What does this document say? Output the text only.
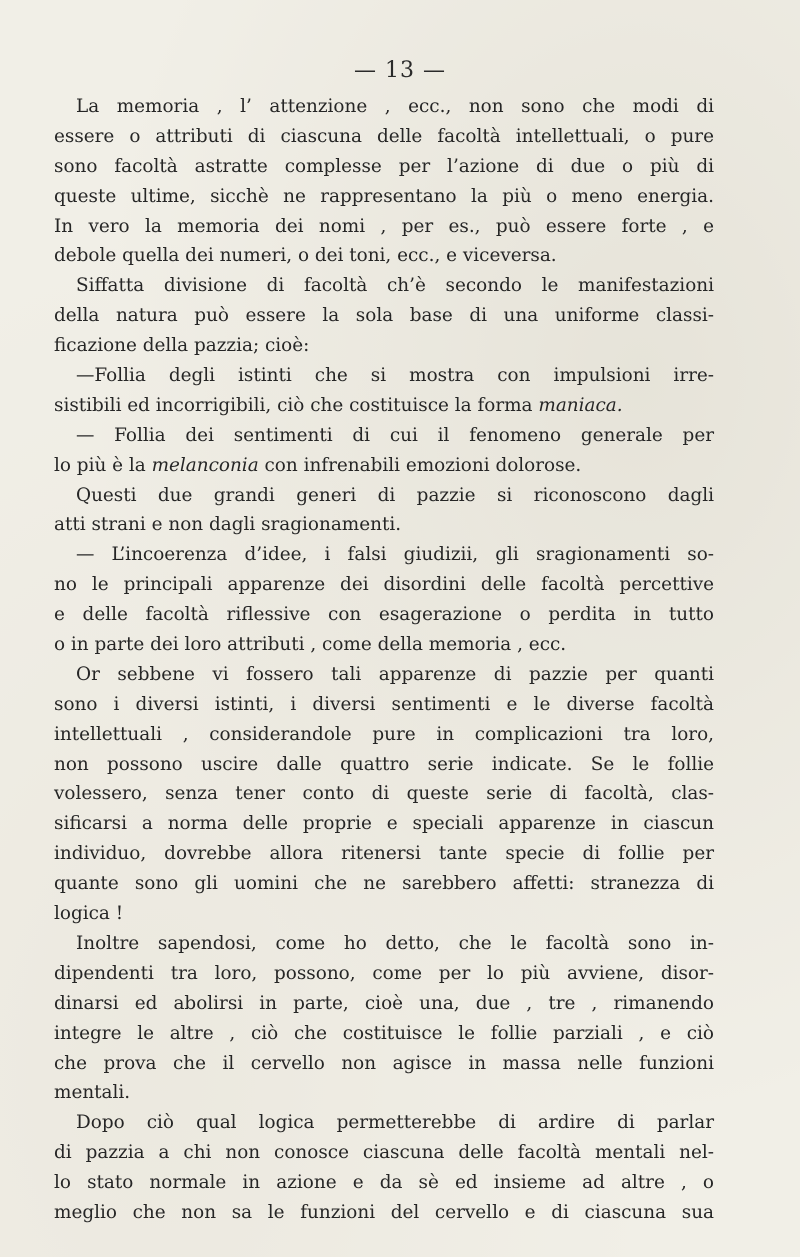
— 13 —
La memoria , l’ attenzione , ecc., non sono che modi di
essere o attributi di ciascuna delle facoltà intellettuali, o pure
sono facoltà astratte complesse per l’azione di due o più di
queste ultime, sicchè ne rappresentano la più o meno energia.
In vero la memoria dei nomi , per es., può essere forte , e
debole quella dei numeri, o dei toni, ecc., e viceversa.
Siffatta divisione di facoltà ch’è secondo le manifestazioni
della natura può essere la sola base di una uniforme classi-
ficazione della pazzia; cioè:
—Follia degli istinti che si mostra con impulsioni irre-
sistibili ed incorrigibili, ciò che costituisce la forma maniaca.
— Follia dei sentimenti di cui il fenomeno generale per
lo più è la melanconia con infrenabili emozioni dolorose.
Questi due grandi generi di pazzie si riconoscono dagli
atti strani e non dagli sragionamenti.
— L’incoerenza d’idee, i falsi giudizii, gli sragionamenti so-
no le principali apparenze dei disordini delle facoltà percettive
e delle facoltà riflessive con esagerazione o perdita in tutto
o in parte dei loro attributi , come della memoria , ecc.
Or sebbene vi fossero tali apparenze di pazzie per quanti
sono i diversi istinti, i diversi sentimenti e le diverse facoltà
intellettuali , considerandole pure in complicazioni tra loro,
non possono uscire dalle quattro serie indicate. Se le follie
volessero, senza tener conto di queste serie di facoltà, clas-
sificarsi a norma delle proprie e speciali apparenze in ciascun
individuo, dovrebbe allora ritenersi tante specie di follie per
quante sono gli uomini che ne sarebbero affetti: stranezza di
logica !
Inoltre sapendosi, come ho detto, che le facoltà sono in-
dipendenti tra loro, possono, come per lo più avviene, disor-
dinarsi ed abolirsi in parte, cioè una, due , tre , rimanendo
integre le altre , ciò che costituisce le follie parziali , e ciò
che prova che il cervello non agisce in massa nelle funzioni
mentali.
Dopo ciò qual logica permetterebbe di ardire di parlar
di pazzia a chi non conosce ciascuna delle facoltà mentali nel-
lo stato normale in azione e da sè ed insieme ad altre , o
meglio che non sa le funzioni del cervello e di ciascuna sua
